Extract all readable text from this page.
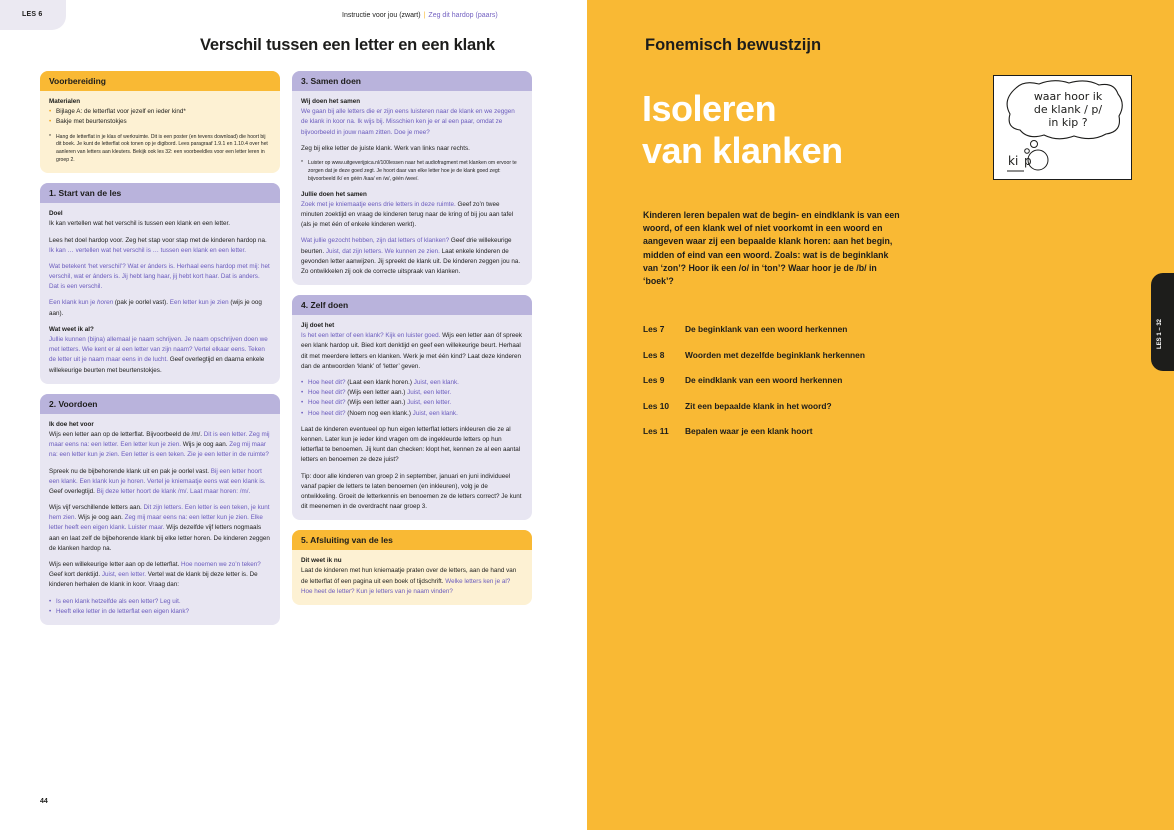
LES 6	Instructie voor jou (zwart) | Zeg dit hardop (paars)
Verschil tussen een letter en een klank
Voorbereiding
Materialen
• Bijlage A: de letterflat voor jezelf en ieder kind*
• Bakje met beurtenstokjes
* Hang de letterflat in je klas of werkruimte. Dit is een poster (en tevens download) die hoort bij dit boek. Je kunt de letterflat ook tonen op je digibord. Lees paragraaf 1.9.1 en 1.10.4 over het aanleren van letters aan kleuters. Bekijk ook les 32: een voorbeeldles voor een letter leren in groep 2.
1. Start van de les

Doel
Ik kan vertellen wat het verschil is tussen een klank en een letter.

Lees het doel hardop voor. Zeg het stap voor stap met de kinderen hardop na. Ik kan … vertellen wat het verschil is … tussen een klank en een letter.

Wat betekent ‘het verschil’? Wat er ánders is. Herhaal eens hardop met mij: het verschil, wat er ánders is. Jij hebt lang haar, jij hebt kort haar. Dat is anders. Dat is een verschil.

Een klank kun je horen (pak je oorlel vast). Een letter kun je zien (wijs je oog aan).

Wat weet ik al?
Jullie kunnen (bijna) allemaal je naam schrijven. Je naam opschrijven doen we met letters. Wie kent er al een letter van zijn naam? Vertel elkaar eens. Teken de letter uit je naam maar eens in de lucht. Geef overlegtijd en daarna enkele willekeurige beurten met beurtenstokjes.

2. Voordoen

Ik doe het voor
Wijs een letter aan op de letterflat. Bijvoorbeeld de /m/. Dit is een letter. Zeg mij maar eens na: een letter. Een letter kun je zien. Wijs je oog aan. Zeg mij maar na: een letter kun je zien. Een letter is een teken. Zie je een letter in de ruimte?

Spreek nu de bijbehorende klank uit en pak je oorlel vast. Bij een letter hoort een klank. Een klank kun je horen. Vertel je kniemaatje eens wat een klank is. Geef overlegtijd. Bij deze letter hoort de klank /m/. Laat maar horen: /m/.

Wijs vijf verschillende letters aan. Dit zijn letters. Een letter is een teken, je kunt hem zien. Wijs je oog aan. Zeg mij maar eens na: een letter kun je zien. Elke letter heeft een eigen klank. Luister maar. Wijs dezelfde vijf letters nogmaals aan en laat zelf de bijbehorende klank bij elke letter horen. De kinderen zeggen de klanken hardop na.

Wijs een willekeurige letter aan op de letterflat. Hoe noemen we zo’n teken? Geef kort denktijd. Juist, een letter. Vertel wat de klank bij deze letter is. De kinderen herhalen de klank in koor. Vraag dan:

• Is een klank hetzelfde als een letter? Leg uit.
• Heeft elke letter in de letterflat een eigen klank?
3. Samen doen

Wij doen het samen
We gaan bij alle letters die er zijn eens luisteren naar de klank en we zeggen de klank in koor na. Ik wijs bij. Misschien ken je er al een paar, omdat ze bijvoorbeeld in jouw naam zitten. Doe je mee?

Zeg bij elke letter de juiste klank. Werk van links naar rechts.

* Luister op www.uitgeverijpica.nl/100lessen naar het audiofragment met klanken om ervoor te zorgen dat je deze goed zegt. Je hoort daar van elke letter hoe je de klank goed zegt: bijvoorbeeld /k/ en géén /kaa/ en /w/, géén /wee/.

Jullie doen het samen
Zoek met je kniemaatje eens drie letters in deze ruimte. Geef zo’n twee minuten zoektijd en vraag de kinderen terug naar de kring of bij jou aan tafel (als je met één of enkele kinderen werkt).

Wat jullie gezocht hebben, zijn dat letters of klanken? Geef drie willekeurige beurten. Juist, dat zijn letters. We kunnen ze zien. Laat enkele kinderen de gevonden letter aanwijzen. Jij spreekt de klank uit. De kinderen zeggen jou na. Zo ontwikkelen zij ook de correcte uitspraak van klanken.

4. Zelf doen

Jij doet het
Is het een letter of een klank? Kijk en luister goed. Wijs een letter aan óf spreek een klank hardop uit. Bied kort denktijd en geef een willekeurige beurt. Herhaal dit met meerdere letters en klanken. Werk je met één kind? Laat deze kinderen dan de antwoorden ‘klank’ of ‘letter’ geven.

• Hoe heet dit? (Laat een klank horen.) Juist, een klank.
• Hoe heet dit? (Wijs een letter aan.) Juist, een letter.
• Hoe heet dit? (Wijs een letter aan.) Juist, een letter.
• Hoe heet dit? (Noem nog een klank.) Juist, een klank.

Laat de kinderen eventueel op hun eigen letterflat letters inkleuren die ze al kennen. Later kun je ieder kind vragen om de ingekleurde letters op hun letterflat te benoemen. Jij kunt dan checken: klopt het, kennen ze al een aantal letters en benoemen ze deze juist?

Tip: door alle kinderen van groep 2 in september, januari en juni individueel vanaf papier de letters te laten benoemen (en inkleuren), volg je de ontwikkeling. Groeit de letterkennis en benoemen ze de letters correct? Je kunt dit meenemen in de overdracht naar groep 3.

5. Afsluiting van de les

Dit weet ik nu
Laat de kinderen met hun kniemaatje praten over de letters, aan de hand van de letterflat óf een pagina uit een boek of tijdschrift. Welke letters ken je al? Hoe heet de letter? Kun je letters van je naam vinden?

44
Fonemisch bewustzijn
Isoleren
van klanken
waar hoor ik
de klank / p/
in kip ?
ki p
Kinderen leren bepalen wat de begin- en eindklank is van een woord, of een klank wel of niet voorkomt in een woord en aangeven waar zij een bepaalde klank horen: aan het begin, midden of eind van een woord. Zoals: wat is de beginklank van ‘zon’? Hoor ik een /o/ in ‘ton’? Waar hoor je de /b/ in ‘boek’?
Les 7	De beginklank van een woord herkennen
Les 8	Woorden met dezelfde beginklank herkennen
Les 9	De eindklank van een woord herkennen
Les 10	Zit een bepaalde klank in het woord?
Les 11	Bepalen waar je een klank hoort
LES 1 – 32
